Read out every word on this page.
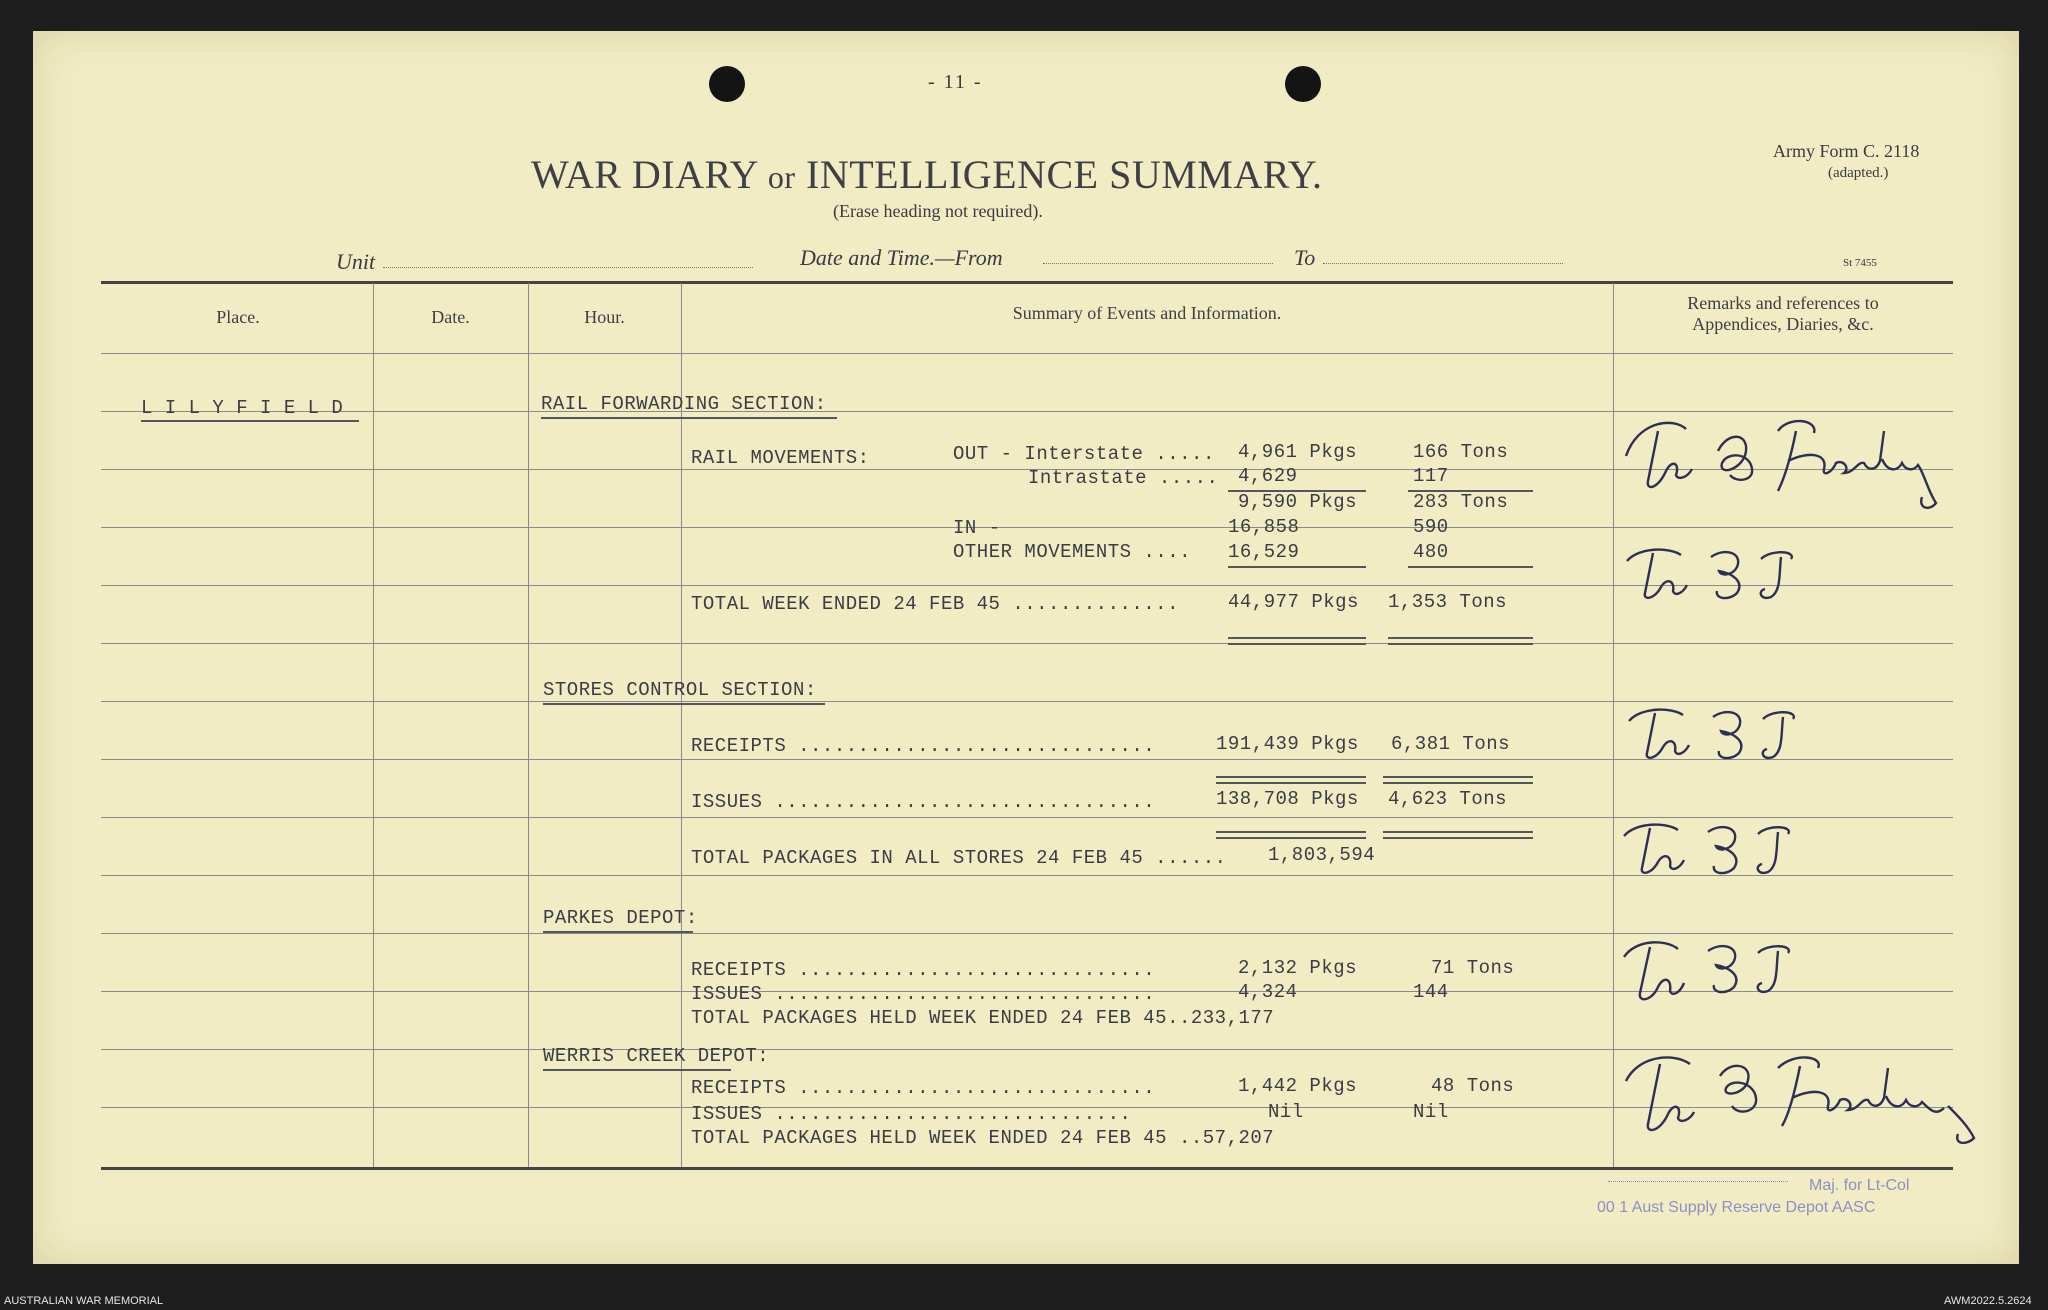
- 11 -
WAR DIARY or INTELLIGENCE SUMMARY.
(Erase heading not required).
Army Form C. 2118
(adapted.)
St 7455
Unit	Date and Time.—From	To
Place.	Date.	Hour.	Summary of Events and Information.	Remarks and references to
Appendices, Diaries, &c.
L I L Y F I E L D	RAIL FORWARDING SECTION:
RAIL MOVEMENTS:	OUT - Interstate ..... 4,961 Pkgs	166 Tons
Intrastate ..... 4,629	117
9,590 Pkgs	283 Tons
IN -	16,858	590
OTHER MOVEMENTS .... 16,529	480
TOTAL WEEK ENDED 24 FEB 45 ..............	44,977 Pkgs 1,353 Tons
STORES CONTROL SECTION:
RECEIPTS ..............................	191,439 Pkgs 6,381 Tons
ISSUES ................................	138,708 Pkgs 4,623 Tons
TOTAL PACKAGES IN ALL STORES 24 FEB 45 ...... 1,803,594
PARKES DEPOT:
RECEIPTS ..............................	2,132 Pkgs	71 Tons
ISSUES ................................	4,324	144
TOTAL PACKAGES HELD WEEK ENDED 24 FEB 45..233,177
WERRIS CREEK DEPOT:
RECEIPTS ..............................	1,442 Pkgs	48 Tons
ISSUES ..............................	Nil	Nil
TOTAL PACKAGES HELD WEEK ENDED 24 FEB 45 ..57,207
Maj. for Lt-Col
00 1 Aust Supply Reserve Depot AASC
AUSTRALIAN WAR MEMORIAL	AWM2022.5.2624
